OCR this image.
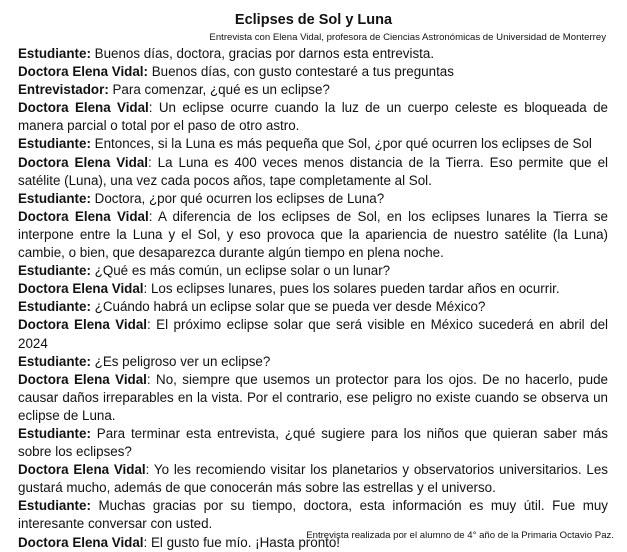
Eclipses de Sol y Luna
Entrevista con Elena Vidal, profesora de Ciencias Astronómicas de Universidad de Monterrey

Estudiante: Buenos días, doctora, gracias por darnos esta entrevista.

Doctora Elena Vidal: Buenos días, con gusto contestaré a tus preguntas

Entrevistador: Para comenzar, ¿qué es un eclipse?

Doctora Elena Vidal: Un eclipse ocurre cuando la luz de un cuerpo celeste es bloqueada de manera parcial o total por el paso de otro astro.

Estudiante: Entonces, si la Luna es más pequeña que Sol, ¿por qué ocurren los eclipses de Sol

Doctora Elena Vidal: La Luna es 400 veces menos distancia de la Tierra. Eso permite que el satélite (Luna), una vez cada pocos años, tape completamente al Sol.

Estudiante: Doctora, ¿por qué ocurren los eclipses de Luna?

Doctora Elena Vidal: A diferencia de los eclipses de Sol, en los eclipses lunares la Tierra se interpone entre la Luna y el Sol, y eso provoca que la apariencia de nuestro satélite (la Luna) cambie, o bien, que desaparezca durante algún tiempo en plena noche.

Estudiante: ¿Qué es más común, un eclipse solar o un lunar?

Doctora Elena Vidal: Los eclipses lunares, pues los solares pueden tardar años en ocurrir.

Estudiante: ¿Cuándo habrá un eclipse solar que se pueda ver desde México?

Doctora Elena Vidal: El próximo eclipse solar que será visible en México sucederá en abril del 2024

Estudiante: ¿Es peligroso ver un eclipse?

Doctora Elena Vidal: No, siempre que usemos un protector para los ojos. De no hacerlo, pude causar daños irreparables en la vista. Por el contrario, ese peligro no existe cuando se observa un eclipse de Luna.

Estudiante: Para terminar esta entrevista, ¿qué sugiere para los niños que quieran saber más sobre los eclipses?

Doctora Elena Vidal: Yo les recomiendo visitar los planetarios y observatorios universitarios. Les gustará mucho, además de que conocerán más sobre las estrellas y el universo.

Estudiante: Muchas gracias por su tiempo, doctora, esta información es muy útil. Fue muy interesante conversar con usted.

Doctora Elena Vidal: El gusto fue mío. ¡Hasta pronto!

Entrevista realizada por el alumno de 4° año de la Primaria Octavio Paz.
